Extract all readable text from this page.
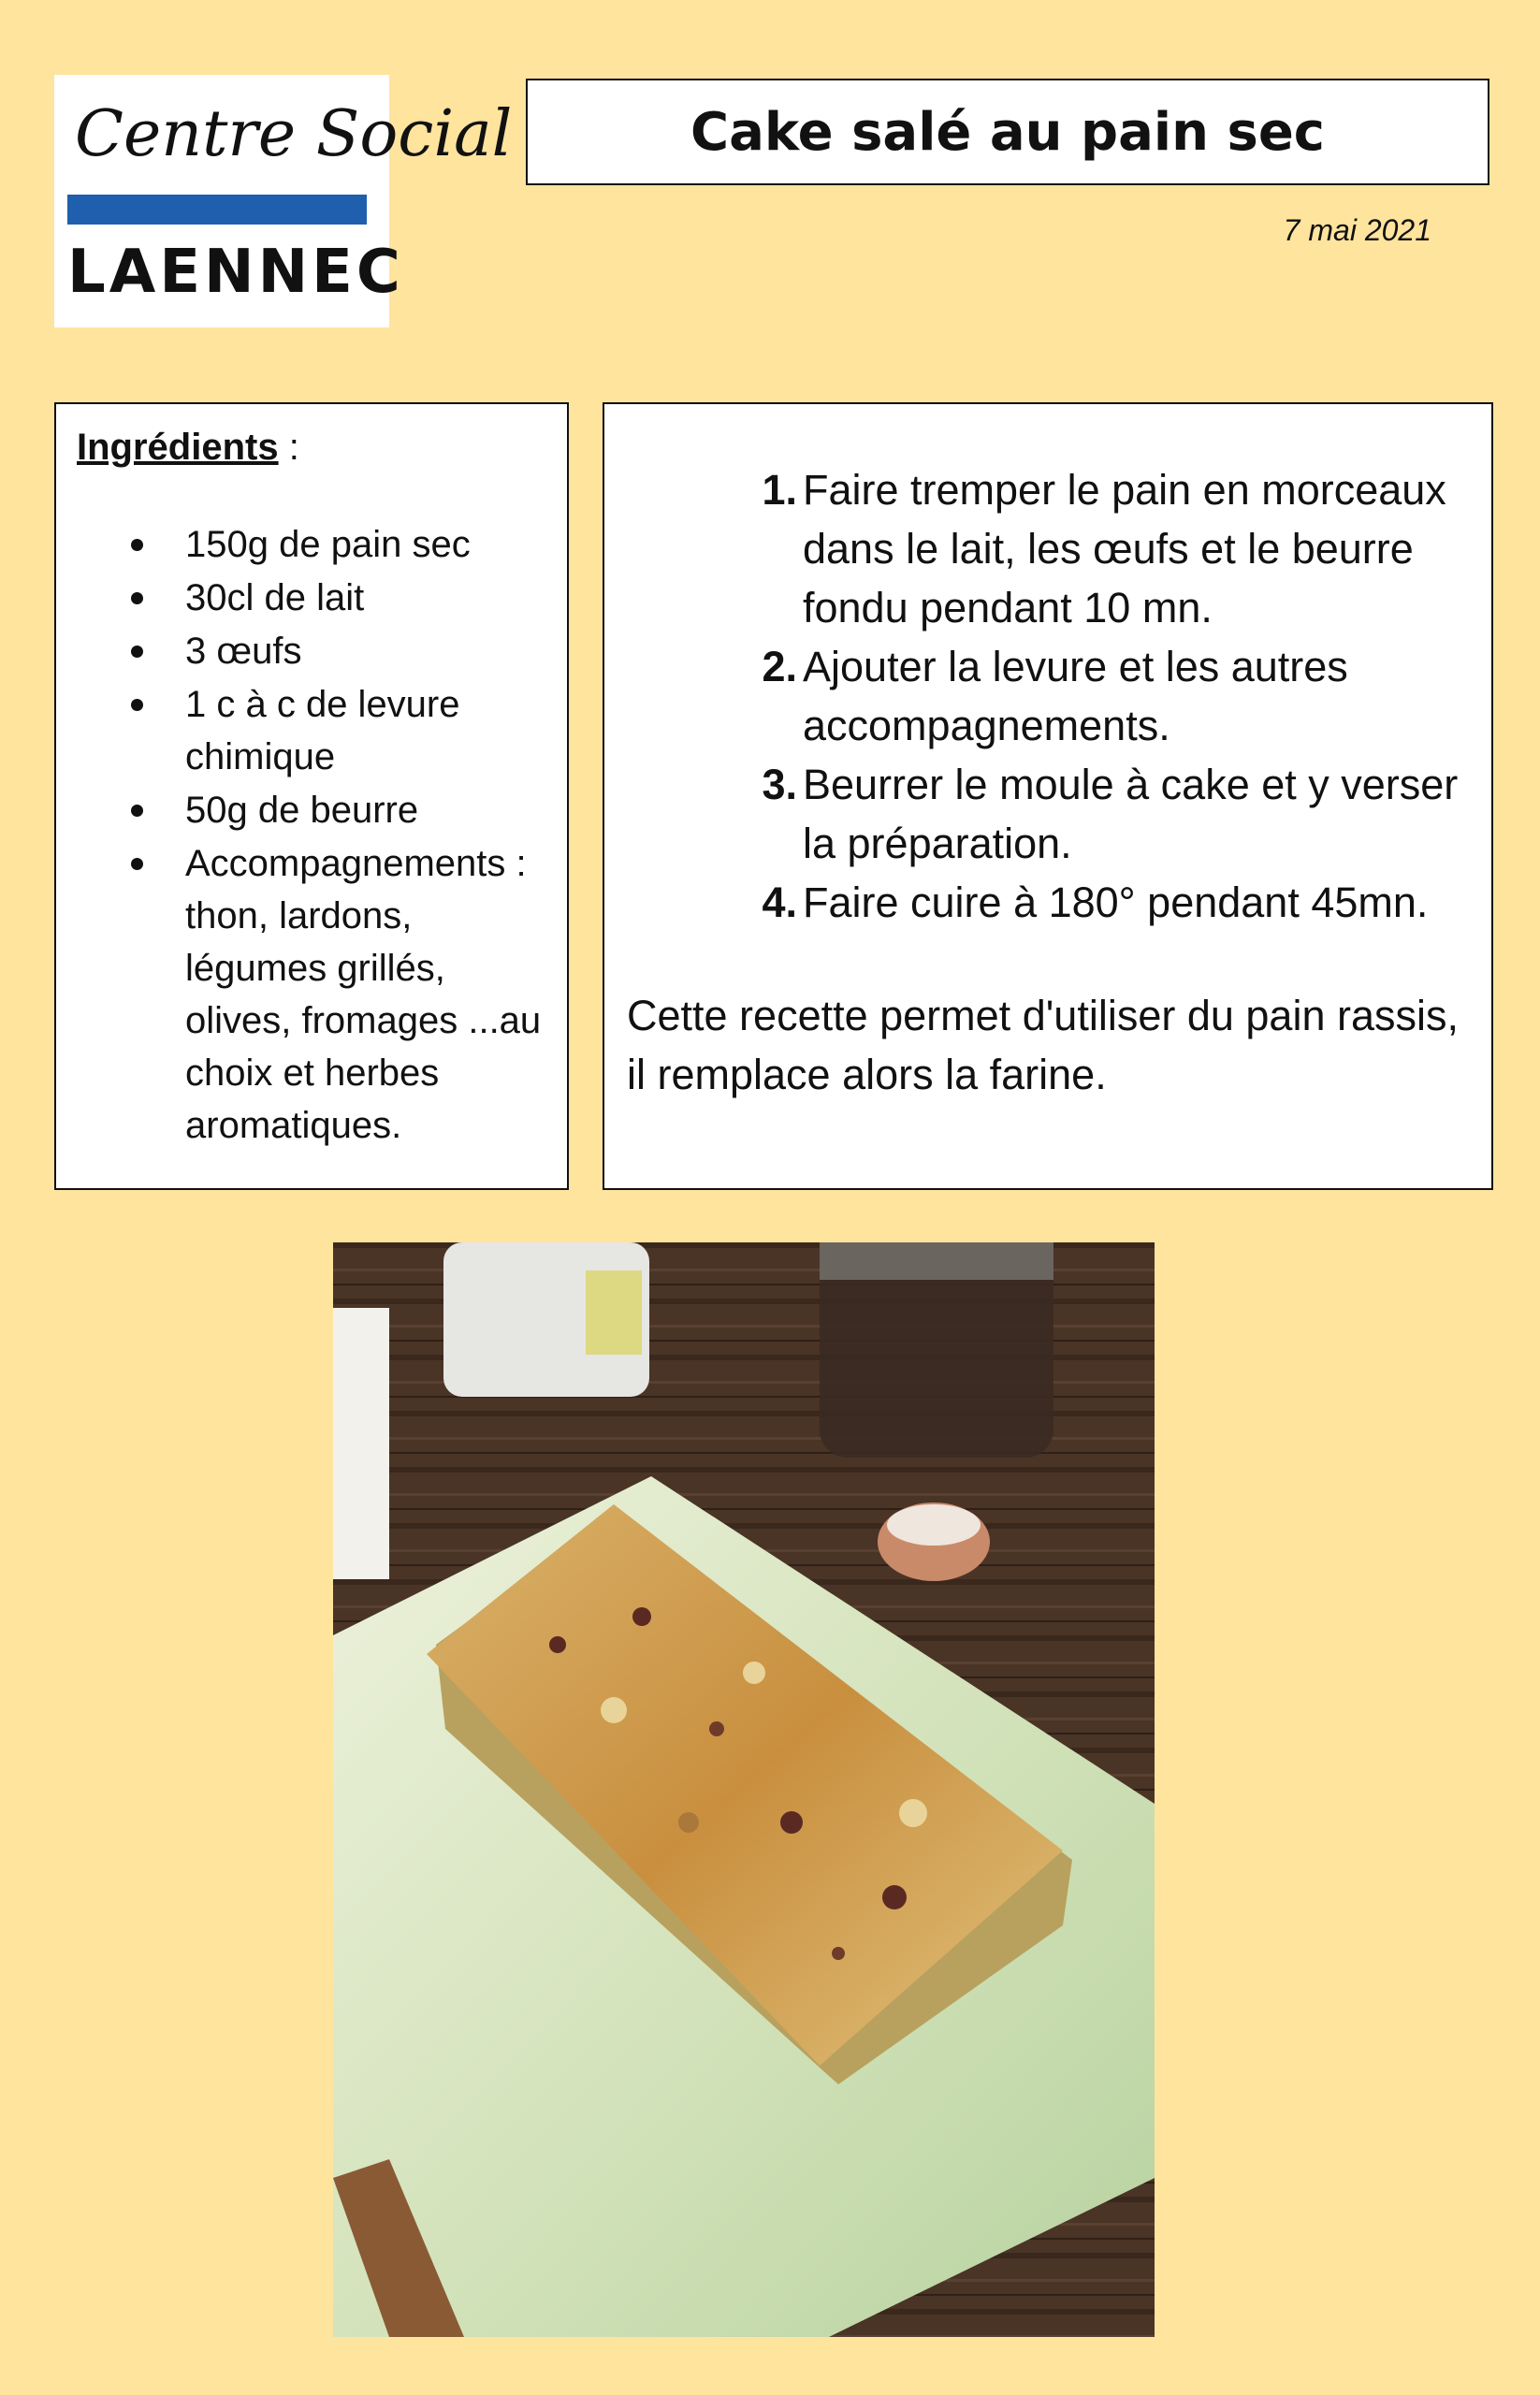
Centre Social
LAENNEC
Cake salé au pain sec
7 mai 2021

Ingrédients :

150g de pain sec
30cl de lait
3 œufs
1 c à c de levure chimique
50g de beurre
Accompagnements : thon, lardons, légumes grillés, olives, fromages ...au choix et herbes aromatiques.
1. Faire tremper le pain en morceaux dans le lait, les œufs et le beurre fondu pendant 10 mn.
2. Ajouter la levure et les autres accompagnements.
3. Beurrer le moule à cake et y verser la préparation.
4. Faire cuire à 180° pendant 45mn.

Cette recette permet d'utiliser du pain rassis, il remplace alors la farine.
